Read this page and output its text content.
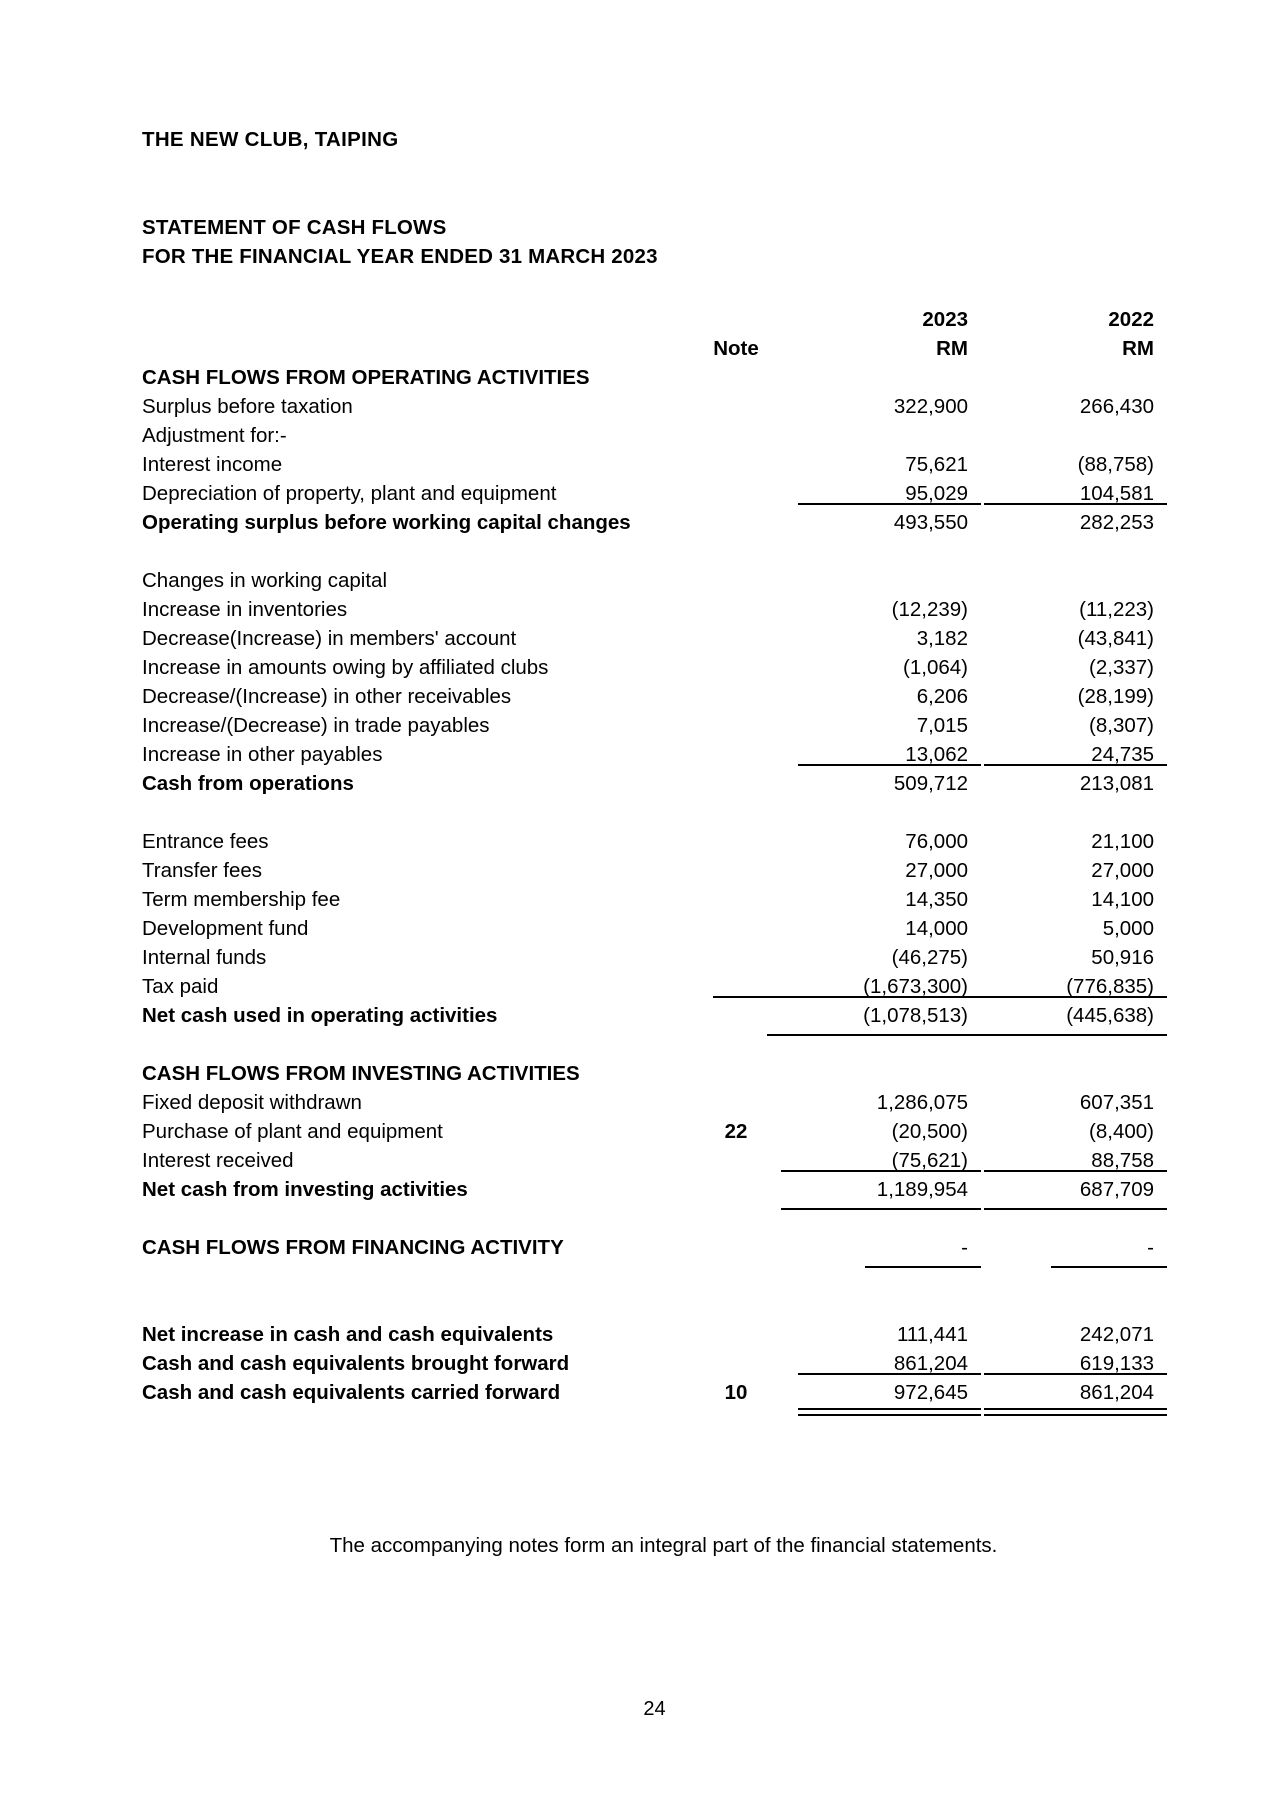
THE NEW CLUB, TAIPING
STATEMENT OF CASH FLOWS
FOR THE FINANCIAL YEAR ENDED 31 MARCH 2023
		2023	2022
	Note	RM	RM
CASH FLOWS FROM OPERATING ACTIVITIES			
Surplus before taxation		322,900	266,430
Adjustment for:-			
Interest income		75,621	(88,758)
Depreciation of property, plant and equipment		95,029	104,581
Operating surplus before working capital changes		493,550	282,253

Changes in working capital			
Increase in inventories		(12,239)	(11,223)
Decrease(Increase) in members' account		3,182	(43,841)
Increase in amounts owing by affiliated clubs		(1,064)	(2,337)
Decrease/(Increase) in other receivables		6,206	(28,199)
Increase/(Decrease) in trade payables		7,015	(8,307)
Increase in other payables		13,062	24,735
Cash from operations		509,712	213,081

Entrance fees		76,000	21,100
Transfer fees		27,000	27,000
Term membership fee		14,350	14,100
Development fund		14,000	5,000
Internal funds		(46,275)	50,916
Tax paid		(1,673,300)	(776,835)
Net cash used in operating activities		(1,078,513)	(445,638)

CASH FLOWS FROM INVESTING ACTIVITIES			
Fixed deposit withdrawn		1,286,075	607,351
Purchase of plant and equipment	22	(20,500)	(8,400)
Interest received		(75,621)	88,758
Net cash from investing activities		1,189,954	687,709

CASH FLOWS FROM FINANCING ACTIVITY		-	-

Net increase in cash and cash equivalents		111,441	242,071
Cash and cash equivalents brought forward		861,204	619,133
Cash and cash equivalents carried forward	10	972,645	861,204
The accompanying notes form an integral part of the financial statements.
24
